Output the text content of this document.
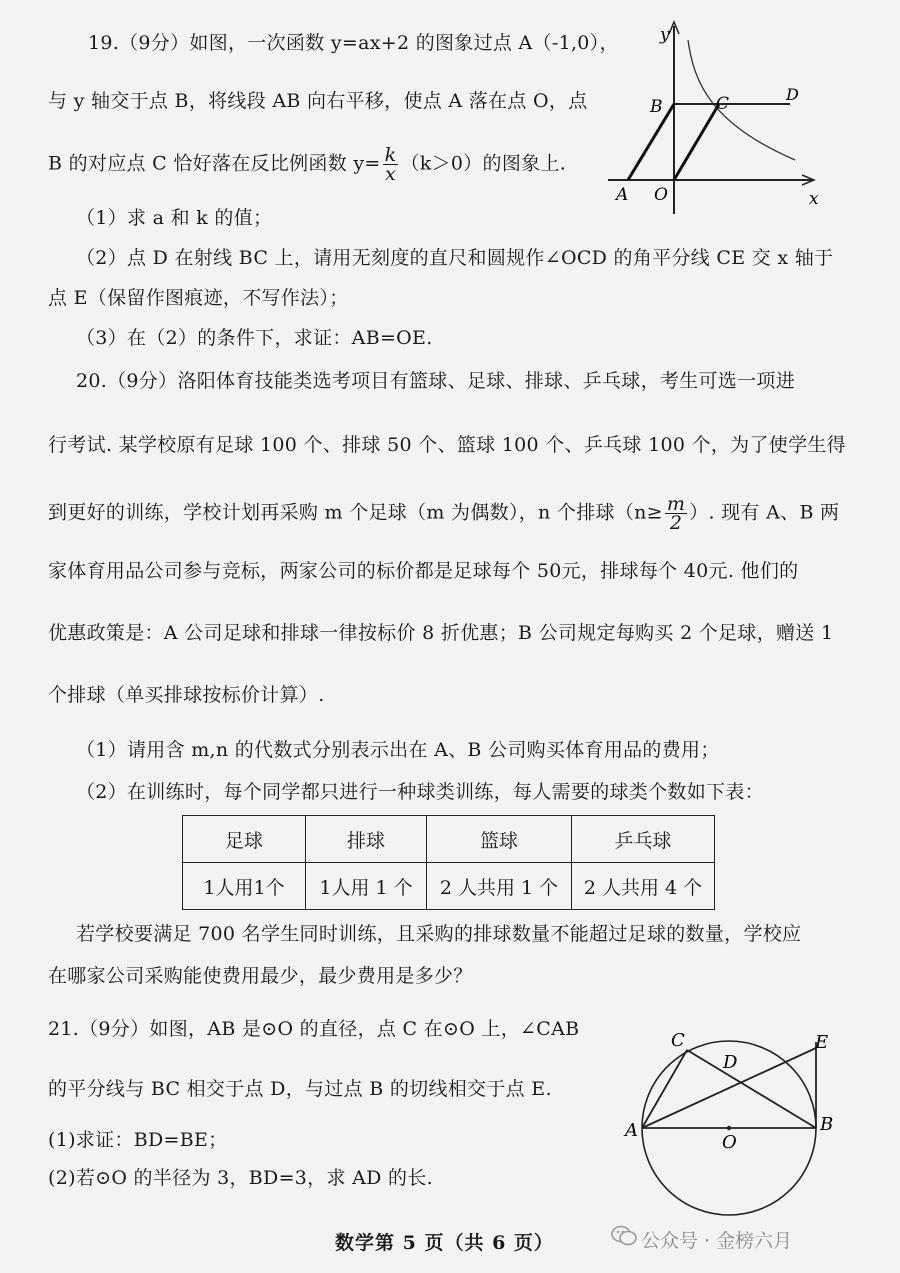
19.（9分）如图，一次函数 y=ax+2 的图象过点 A（-1,0），
与 y 轴交于点 B，将线段 AB 向右平移，使点 A 落在点 O，点
B 的对应点 C 恰好落在反比例函数 $y= \frac{k}{x} (k>0)$的图象上.
（1）求 a 和 k 的值；
（2）点 D 在射线 BC 上，请用无刻度的直尺和圆规作∠OCD 的角平分线 CE 交 x 轴于
点 E（保留作图痕迹，不写作法）；
（3）在（2）的条件下，求证：AB=OE.
y
x
B	C	D
A O
20.（9分）洛阳体育技能类选考项目有篮球、足球、排球、乒乓球，考生可选一项进
行考试. 某学校原有足球 100 个、排球 50 个、篮球 100 个、乒乓球 100 个，为了使学生得
到更好的训练，学校计划再采购 m 个足球（m 为偶数），n 个排球（$n\ge \frac{m}{2}$ ）. 现有 A、B 两
家体育用品公司参与竞标，两家公司的标价都是足球每个 50元，排球每个 40元. 他们的
优惠政策是：A 公司足球和排球一律按标价 8 折优惠；B 公司规定每购买 2 个足球，赠送 1
个排球（单买排球按标价计算）.
（1）请用含 m,n 的代数式分别表示出在 A、B 公司购买体育用品的费用；
（2）在训练时，每个同学都只进行一种球类训练，每人需要的球类个数如下表：
足球	排球	篮球	乒乓球
1人用1个	1人用 1 个	2 人共用 1 个	2 人共用 4 个
若学校要满足 700 名学生同时训练，且采购的排球数量不能超过足球的数量，学校应
在哪家公司采购能使费用最少，最少费用是多少？
21.（9分）如图，AB 是⊙O 的直径，点 C 在⊙O 上，∠CAB
的平分线与 BC 相交于点 D，与过点 B 的切线相交于点 E.
(1)求证：BD=BE；
(2)若⊙O 的半径为 3，BD=3，求 AD 的长.
C	E
D
A	B
O
数学第 5 页（共 6 页）	公众号 · 金榜六月
